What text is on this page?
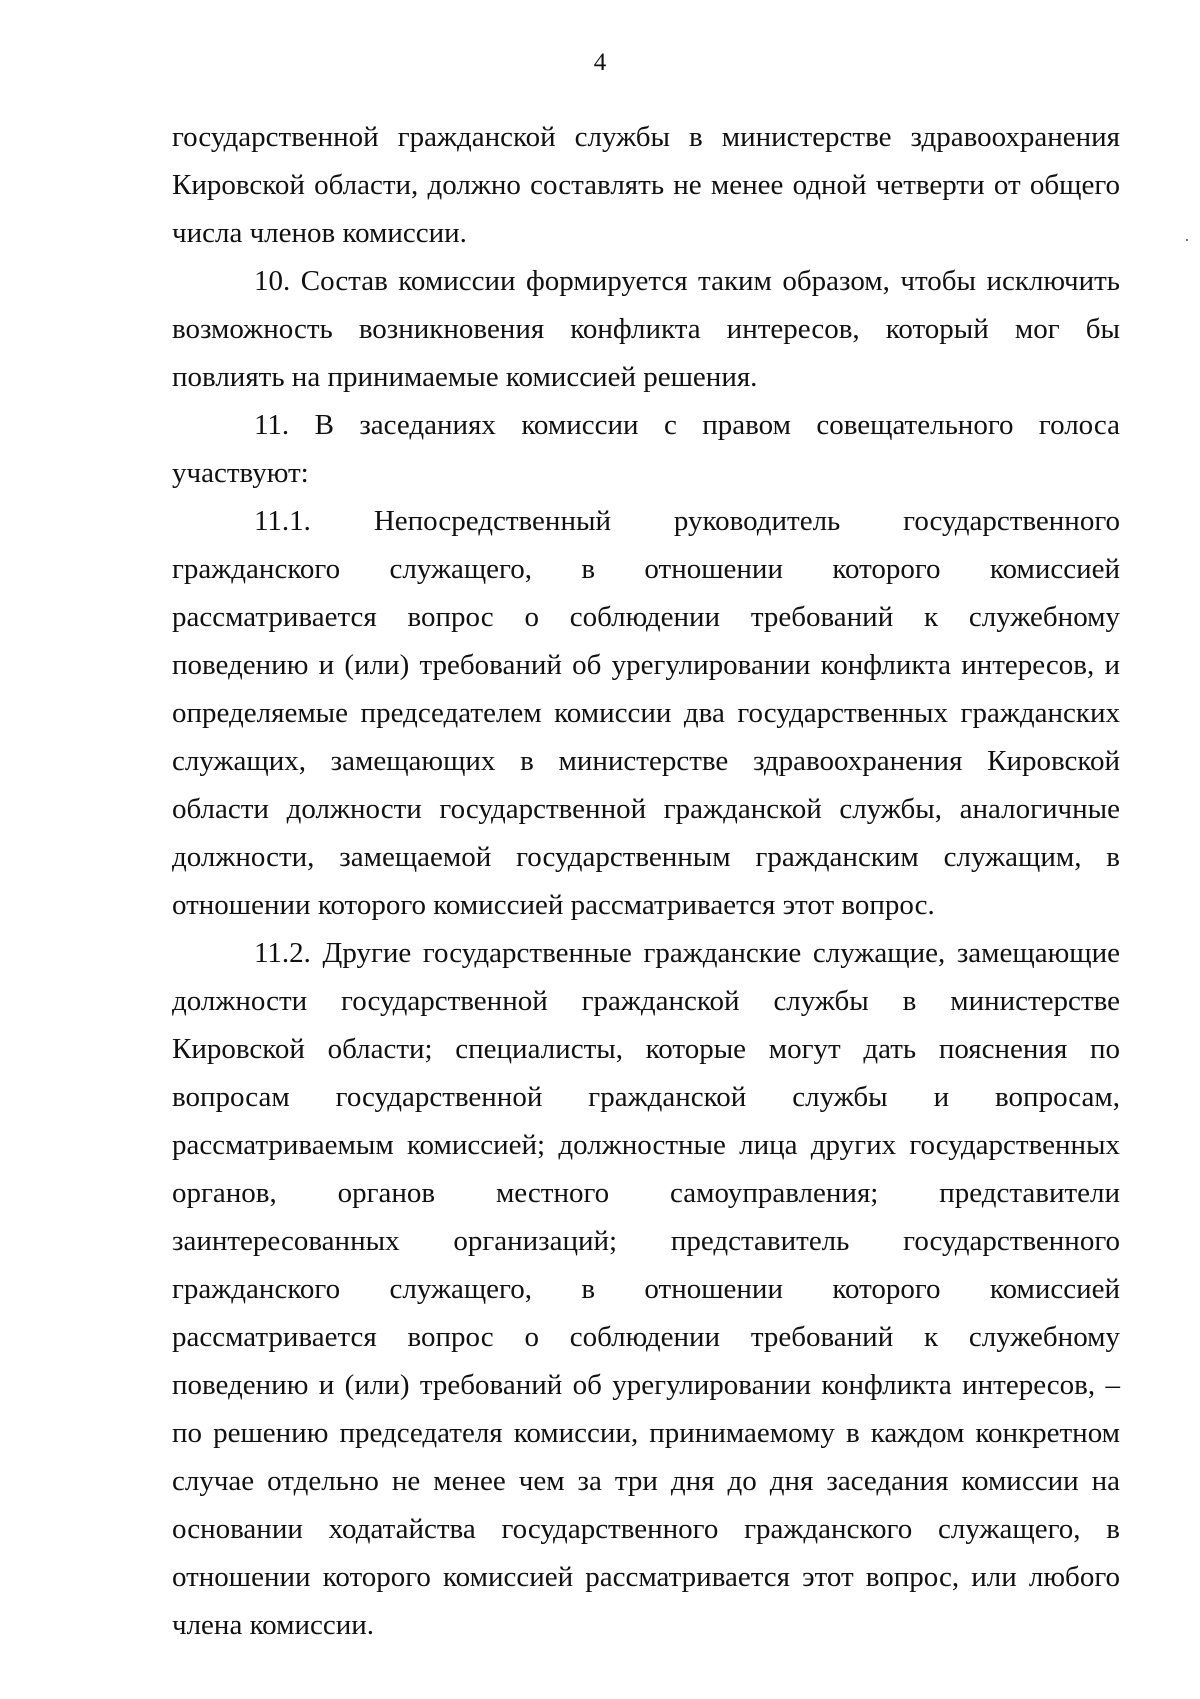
4

государственной гражданской службы в министерстве здравоохранения Кировской области, должно составлять не менее одной четверти от общего числа членов комиссии.

10. Состав комиссии формируется таким образом, чтобы исключить возможность возникновения конфликта интересов, который мог бы повлиять на принимаемые комиссией решения.

11. В заседаниях комиссии с правом совещательного голоса участвуют:

11.1. Непосредственный руководитель государственного гражданского служащего, в отношении которого комиссией рассматривается вопрос о соблюдении требований к служебному поведению и (или) требований об урегулировании конфликта интересов, и определяемые председателем комиссии два государственных гражданских служащих, замещающих в министерстве здравоохранения Кировской области должности государственной гражданской службы, аналогичные должности, замещаемой государственным гражданским служащим, в отношении которого комиссией рассматривается этот вопрос.

11.2. Другие государственные гражданские служащие, замещающие должности государственной гражданской службы в министерстве Кировской области; специалисты, которые могут дать пояснения по вопросам государственной гражданской службы и вопросам, рассматриваемым комиссией; должностные лица других государственных органов, органов местного самоуправления; представители заинтересованных организаций; представитель государственного гражданского служащего, в отношении которого комиссией рассматривается вопрос о соблюдении требований к служебному поведению и (или) требований об урегулировании конфликта интересов, – по решению председателя комиссии, принимаемому в каждом конкретном случае отдельно не менее чем за три дня до дня заседания комиссии на основании ходатайства государственного гражданского служащего, в отношении которого комиссией рассматривается этот вопрос, или любого члена комиссии.
